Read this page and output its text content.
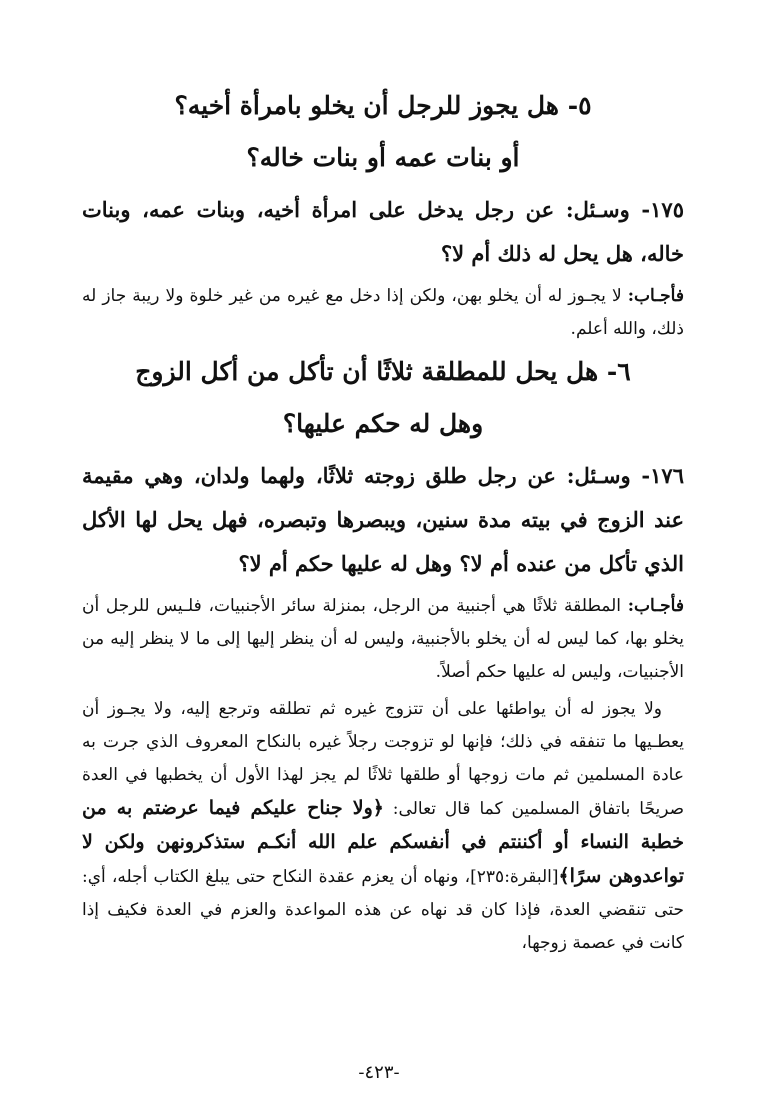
٥- هل يجوز للرجل أن يخلو بامرأة أخيه؟

أو بنات عمه أو بنات خاله؟

١٧٥- وسـئل: عن رجل يدخل على امرأة أخيه، وبنات عمه، وبنات خاله، هل يحل له ذلك أم لا؟

فأجـاب: لا يجـوز له أن يخلو بهن، ولكن إذا دخل مع غيره من غير خلوة ولا ريبة جاز له ذلك، والله أعلم.

٦- هل يحل للمطلقة ثلاثًا أن تأكل من أكل الزوج

وهل له حكم عليها؟

١٧٦- وسـئل: عن رجل طلق زوجته ثلاثًا، ولهما ولدان، وهي مقيمة عند الزوج في بيته مدة سنين، ويبصرها وتبصره، فهل يحل لها الأكل الذي تأكل من عنده أم لا؟ وهل له عليها حكم أم لا؟

فأجـاب: المطلقة ثلاثًا هي أجنبية من الرجل، بمنزلة سائر الأجنبيات، فلـيس للرجل أن يخلو بها، كما ليس له أن يخلو بالأجنبية، وليس له أن ينظر إليها إلى ما لا ينظر إليه من الأجنبيات، وليس له عليها حكم أصلاً.

ولا يجوز له أن يواطئها على أن تتزوج غيره ثم تطلقه وترجع إليه، ولا يجـوز أن يعطـيها ما تنفقه في ذلك؛ فإنها لو تزوجت رجلاً غيره بالنكاح المعروف الذي جرت به عادة المسلمين ثم مات زوجها أو طلقها ثلاثًا لم يجز لهذا الأول أن يخطبها في العدة صريحًا باتفاق المسلمين كما قال تعالى: ﴿ولا جناح عليكم فيما عرضتم به من خطبة النساء أو أكننتم في أنفسكم علم الله أنكـم ستذكرونهن ولكن لا تواعدوهن سرًا﴾[البقرة:٢٣٥]، ونهاه أن يعزم عقدة النكاح حتى يبلغ الكتاب أجله، أي: حتى تنقضي العدة، فإذا كان قد نهاه عن هذه المواعدة والعزم في العدة فكيف إذا كانت في عصمة زوجها،

-٤٢٣-
